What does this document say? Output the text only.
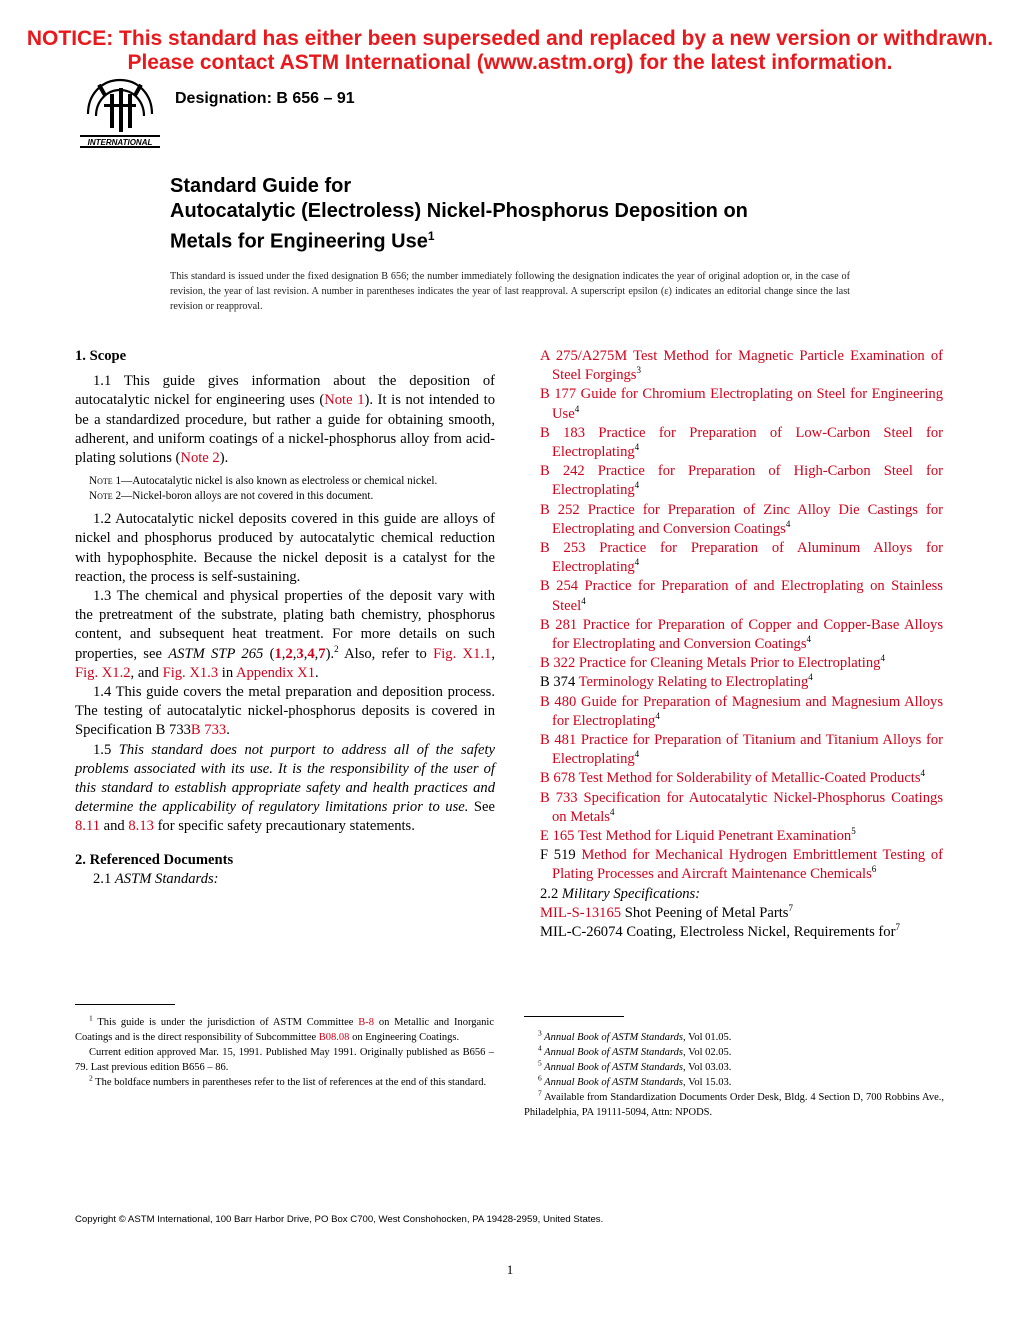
NOTICE: This standard has either been superseded and replaced by a new version or withdrawn.

Please contact ASTM International (www.astm.org) for the latest information.

INTERNATIONAL
Designation: B 656 – 91
Standard Guide for
Autocatalytic (Electroless) Nickel-Phosphorus Deposition on
Metals for Engineering Use$^1$

This standard is issued under the fixed designation B 656; the number immediately following the designation indicates the year of original adoption or, in the case of revision, the year of last revision. A number in parentheses indicates the year of last reapproval. A superscript epsilon (ε) indicates an editorial change since the last revision or reapproval.

1. Scope

1.1 This guide gives information about the deposition of autocatalytic nickel for engineering uses (Note 1). It is not intended to be a standardized procedure, but rather a guide for obtaining smooth, adherent, and uniform coatings of a nickel-phosphorus alloy from acid-plating solutions (Note 2).

Note 1—Autocatalytic nickel is also known as electroless or chemical nickel.

Note 2—Nickel-boron alloys are not covered in this document.

1.2 Autocatalytic nickel deposits covered in this guide are alloys of nickel and phosphorus produced by autocatalytic chemical reduction with hypophosphite. Because the nickel deposit is a catalyst for the reaction, the process is self-sustaining.

1.3 The chemical and physical properties of the deposit vary with the pretreatment of the substrate, plating bath chemistry, phosphorus content, and subsequent heat treatment. For more details on such properties, see ASTM STP 265 (1,2,3,4,7).$^2$ Also, refer to Fig. X1.1, Fig. X1.2, and Fig. X1.3 in Appendix X1.

1.4 This guide covers the metal preparation and deposition process. The testing of autocatalytic nickel-phosphorus deposits is covered in Specification B 733B 733.

1.5 This standard does not purport to address all of the safety problems associated with its use. It is the responsibility of the user of this standard to establish appropriate safety and health practices and determine the applicability of regulatory limitations prior to use. See 8.11 and 8.13 for specific safety precautionary statements.

2. Referenced Documents

2.1 ASTM Standards:

A 275/A275M Test Method for Magnetic Particle Examination of Steel Forgings$^3$

B 177 Guide for Chromium Electroplating on Steel for Engineering Use$^4$

B 183 Practice for Preparation of Low-Carbon Steel for Electroplating$^4$

B 242 Practice for Preparation of High-Carbon Steel for Electroplating$^4$

B 252 Practice for Preparation of Zinc Alloy Die Castings for Electroplating and Conversion Coatings$^4$

B 253 Practice for Preparation of Aluminum Alloys for Electroplating$^4$

B 254 Practice for Preparation of and Electroplating on Stainless Steel$^4$

B 281 Practice for Preparation of Copper and Copper-Base Alloys for Electroplating and Conversion Coatings$^4$

B 322 Practice for Cleaning Metals Prior to Electroplating$^4$

B 374 Terminology Relating to Electroplating$^4$

B 480 Guide for Preparation of Magnesium and Magnesium Alloys for Electroplating$^4$

B 481 Practice for Preparation of Titanium and Titanium Alloys for Electroplating$^4$

B 678 Test Method for Solderability of Metallic-Coated Products$^4$

B 733 Specification for Autocatalytic Nickel-Phosphorus Coatings on Metals$^4$

E 165 Test Method for Liquid Penetrant Examination$^5$

F 519 Method for Mechanical Hydrogen Embrittlement Testing of Plating Processes and Aircraft Maintenance Chemicals$^6$

2.2 Military Specifications:

MIL-S-13165 Shot Peening of Metal Parts$^7$

MIL-C-26074 Coating, Electroless Nickel, Requirements for$^7$

$^1$ This guide is under the jurisdiction of ASTM Committee B-8 on Metallic and Inorganic Coatings and is the direct responsibility of Subcommittee B08.08 on Engineering Coatings.

Current edition approved Mar. 15, 1991. Published May 1991. Originally published as B656 – 79. Last previous edition B656 – 86.

$^2$ The boldface numbers in parentheses refer to the list of references at the end of this standard.

$^3$ Annual Book of ASTM Standards, Vol 01.05.

$^4$ Annual Book of ASTM Standards, Vol 02.05.

$^5$ Annual Book of ASTM Standards, Vol 03.03.

$^6$ Annual Book of ASTM Standards, Vol 15.03.

$^7$ Available from Standardization Documents Order Desk, Bldg. 4 Section D, 700 Robbins Ave., Philadelphia, PA 19111-5094, Attn: NPODS.

Copyright © ASTM International, 100 Barr Harbor Drive, PO Box C700, West Conshohocken, PA 19428-2959, United States.
1
